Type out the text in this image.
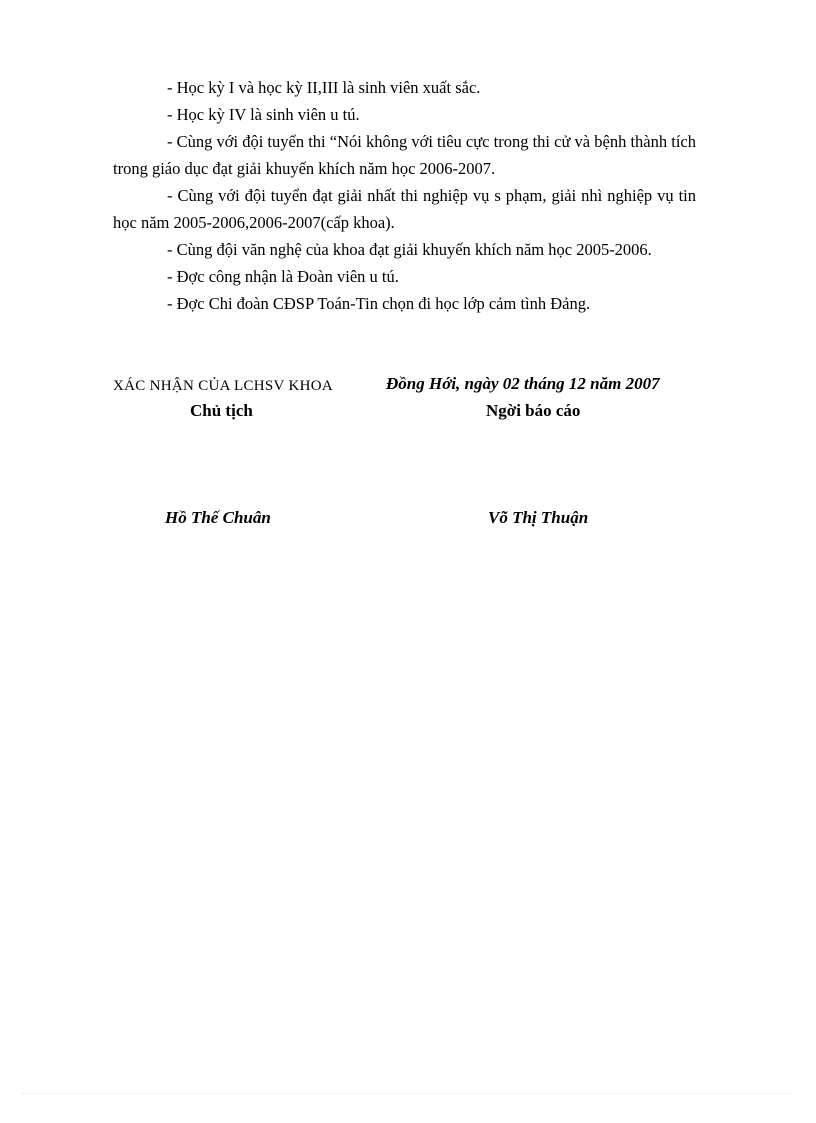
- Học kỳ I và học kỳ II,III là sinh viên xuất sắc.

- Học kỳ IV là sinh viên u tú.

- Cùng với đội tuyển thi “Nói không với tiêu cực trong thi cử và bệnh thành tích trong giáo dục đạt giải khuyến khích năm học 2006-2007.

- Cùng với đội tuyển đạt giải nhất thi nghiệp vụ s phạm, giải nhì nghiệp vụ tin học năm 2005-2006,2006-2007(cấp khoa).

- Cùng đội văn nghệ của khoa đạt giải khuyến khích năm học 2005-2006.

- Đợc công nhận là Đoàn viên u tú.

- Đợc Chi đoàn CĐSP Toán-Tin chọn đi học lớp cảm tình Đảng.

XÁC NHẬN CỦA LCHSV KHOA	Đồng Hới, ngày 02 tháng 12 năm 2007
Chủ tịch	Ngời báo cáo
Hồ Thế Chuân	Võ Thị Thuận
